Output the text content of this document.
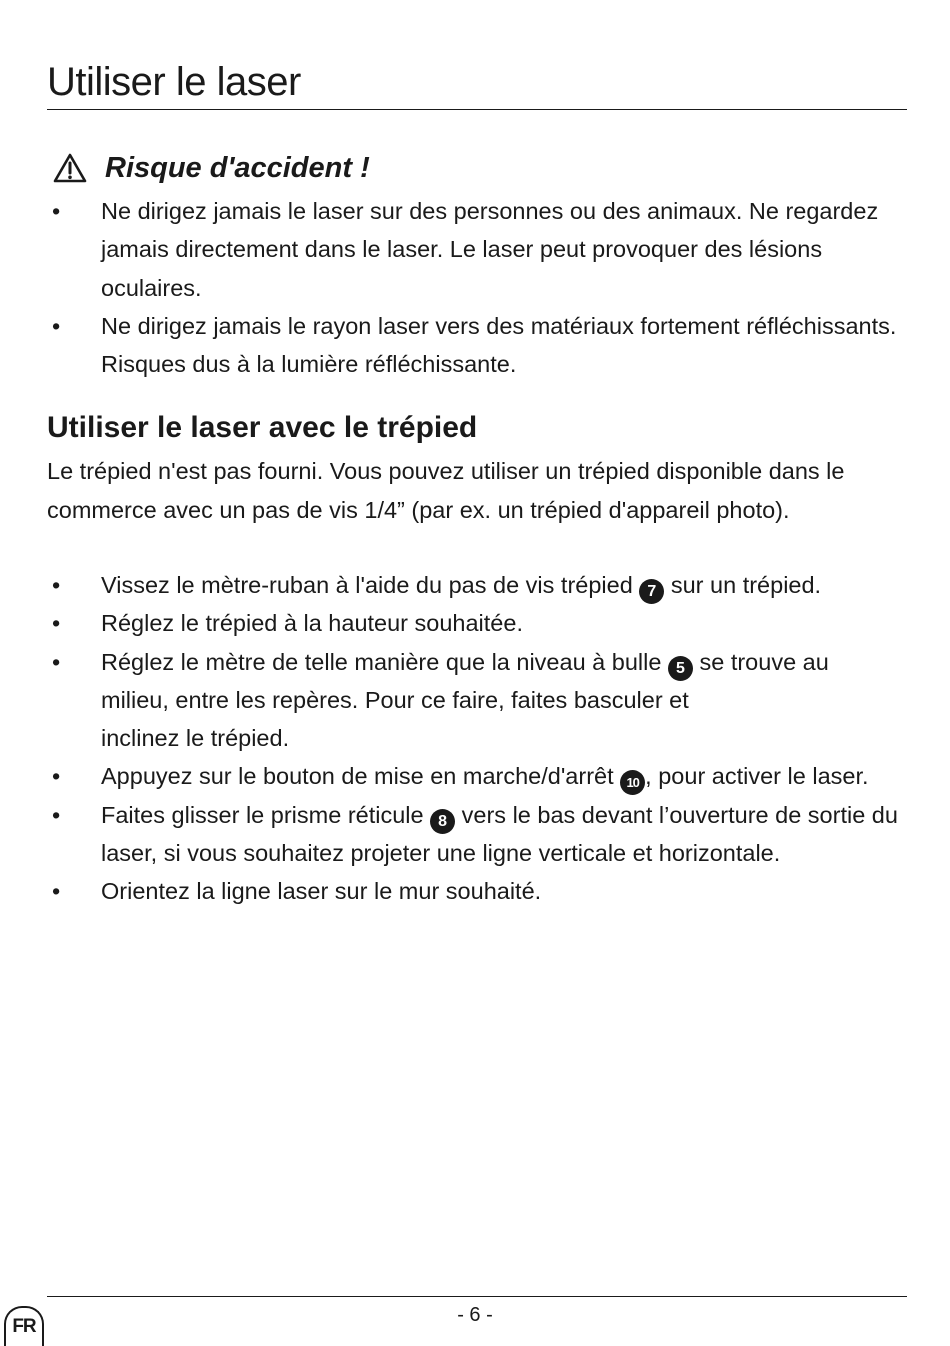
Utiliser le laser
Risque d'accident !
• Ne dirigez jamais le laser sur des personnes ou des animaux. Ne regardez jamais directement dans le laser. Le laser peut provoquer des lésions oculaires.
• Ne dirigez jamais le rayon laser vers des matériaux fortement réfléchissants. Risques dus à la lumière réfléchissante.
Utiliser le laser avec le trépied

Le trépied n'est pas fourni. Vous pouvez utiliser un trépied disponible dans le
commerce avec un pas de vis 1/4” (par ex. un trépied d'appareil photo).

• Vissez le mètre-ruban à l'aide du pas de vis trépied 7 sur un trépied.
• Réglez le trépied à la hauteur souhaitée.
• Réglez le mètre de telle manière que la niveau à bulle 5 se trouve au
milieu, entre les repères. Pour ce faire, faites basculer et
inclinez le trépied.
• Appuyez sur le bouton de mise en marche/d'arrêt 10 , pour activer le laser.
• Faites glisser le prisme réticule 8 vers le bas devant l’ouverture de sortie du laser, si vous souhaitez projeter une ligne verticale et horizontale.
• Orientez la ligne laser sur le mur souhaité.
- 6 -
FR
